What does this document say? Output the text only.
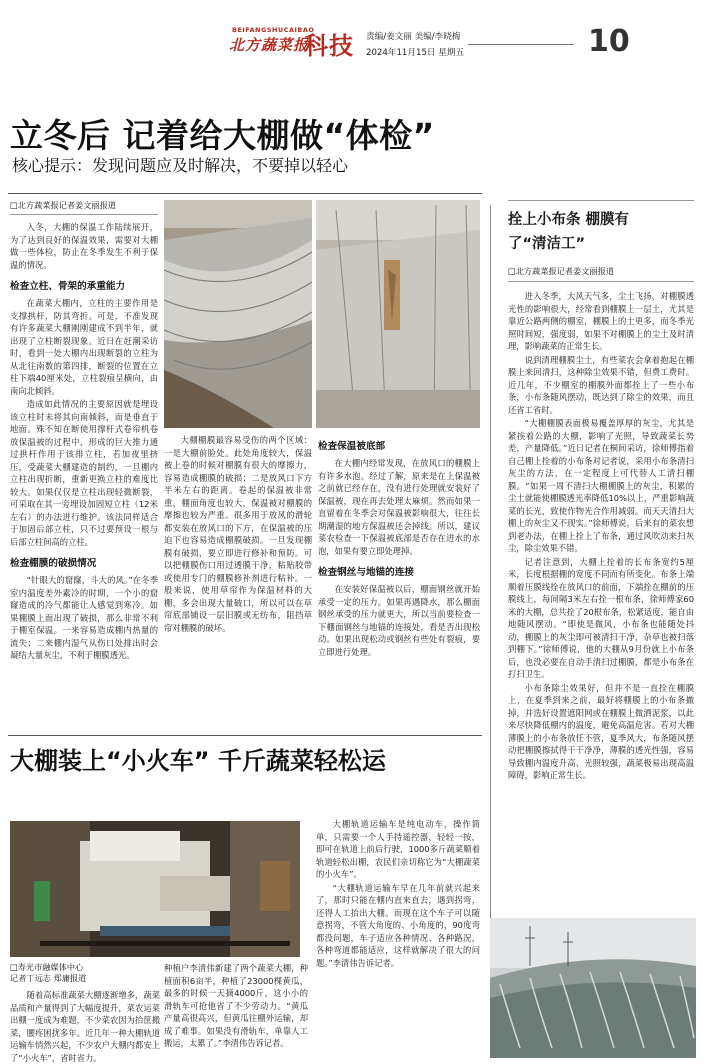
BEIFANGSHUCAIBAO
北方蔬菜报
科技 责编/姜文丽 美编/李晓梅
2024年11月15日 星期五	10
立冬后 记着给大棚做“体检”
核心提示：发现问题应及时解决，不要掉以轻心
□北方蔬菜报记者姜文丽报道

入冬，大棚的保温工作陆续展开，为了达到良好的保温效果，需要对大棚做一些体检，防止在冬季发生不利于保温的情况。

检查立柱、骨架的承重能力

在蔬菜大棚内，立柱的主要作用是支撑拱杆，防其弯折。可是，不准发现有许多蔬菜大棚刚刚建成不到半年，就出现了立柱断裂现象。近日在赶潮采访时，看到一处大棚内出现断裂的立柱为从北往南数的第四排，断裂的位置在立柱下端40厘米处，立柱裂痕呈横向，由南向北倾斜。

造成如此情况的主要原因就是埋设该立柱时未将其向南倾斜，而是垂直于地面。殊不知在断使用撑杆式卷帘机卷放保温被的过程中，形成的巨大推力通过拱杆作用于该排立柱，若加夜里挤压，受蔬菜大棚建造的制约，一旦棚内立柱出现折断，重新更换立柱的难度比较大。如果仅仅是立柱出现轻微断裂，可采取在其一旁埋设加固短立柱（12米左右）的办法进行维护。该法同样适合于加固后部立柱，只不过要预设一根与后部立柱间高的立柱。

检查棚膜的破损情况

“针眼大的窟窿，斗大的风。”在冬季室内温度差外素冷的时期，一个小的窟窿造成的冷气都能让人感觉到寒冷。如果棚膜上面出现了破损，那么非常不利于棚室保温。一来容易造成棚内热量的流失；二来棚内湿气从伤口处排出时会凝结大量灰尘，不利于棚膜透光。

大棚棚膜最容易受伤的两个区域：一是大棚前脸处。此处角度较大，保温被上卷的时候对棚膜有很大的摩擦力，容易造成棚膜的破损；二是放风口下方半米左右的距离。卷起的保温被非常重，棚面角度也较大，保温被对棚膜的摩擦也较为严重。很多用于放风的滑轮都安装在放风口的下方，在保温被的压迫下也容易造成棚膜破损。一旦发现棚膜有破损，要立即进行修补和预防。可以把棚膜伤口用过透膜干净，粘贴胶带或使用专门的棚膜修补剂进行粘补。一般来说，使用草帘作为保温材料的大棚，多会出现大量破口，所以可以在草帘底部铺设一层旧膜或无纺布，阻挡草帘对棚膜的破坏。

检查保温被底部

在大棚内经常发现，在放风口的棚膜上有许多水泡。经过了解，原来是在上保温被之前就已经存在，没有进行处理就安装好了保温被，现在再去处理太麻烦。然而如果一直留着在冬季会对保温被影响很大，往往长期潮湿的地方保温被还会掉线。所以，建议菜农检查一下保温被底部是否存在进水的水泡，如果有要立即处理掉。

检查钢丝与地锚的连接

在安装好保温被以后，棚面钢丝就开始承受一定的压力。如果再遇降水，那么棚面钢丝承受的压力就更大，所以当前要检查一下棚面钢丝与地锚的连接处，看是否出现松动。如果出现松动或钢丝有些处有裂痕，要立即进行处理。

拴上小布条 棚膜有了“清洁工”
□北方蔬菜报记者姜文丽报道

进入冬季，大风天气多，尘土飞扬，对棚膜透光性的影响很大，经常看到棚膜上一层土，尤其是靠近公路两侧的棚室，棚膜上的土更多，而冬季光照时间短，强度弱，如果不对棚膜上的尘土及时清理，影响蔬菜的正常生长。

说到清理棚膜尘土，有些菜农会拿着抱起在棚膜上来回清扫，这种除尘效果不错，但费工费时。近几年，不少棚室的棚膜外面都拴上了一些小布条，小布条随风摆动，既达到了除尘的效果，而且还省工省时。

“大棚棚膜表面极易覆盖厚厚的灰尘，尤其是紧挨着公路的大棚，影响了光照，导致蔬菜长势差，产量降低。”近日记者在桐间采访，徐师傅指着自己棚上拴着的小布条对记者说，采用小布条清扫灰尘的方法，在一定程度上可代替人工清扫棚膜。“如果一周不清扫大棚棚膜上的灰尘，积累的尘土就能使棚膜透光率降低10%以上，严重影响蔬菜的长光，致使作物光合作用减弱。而天天清扫大棚上的灰尘又不现实。”徐师傅说，后来有的菜农想到老办法，在棚上拴上了布条，通过风吹动来扫灰尘，除尘效果不错。

记者注意到，大棚上拴着的长布条宽约5厘米，长度根据棚的宽度不同而有所变化。布条上端顺着压膜线拴在放风口的前面，下端拴在棚前的压膜线上，每间隔3米左右拴一根布条，徐师傅家60米的大棚，总共拴了20根布条，松紧适度，能自由地随风摆动。“即使是微风，小布条也能随处抖动，棚膜上的灰尘即可被清扫干净，杂草也被扫落到棚下。”徐师傅说，他的大棚从9月份就上小布条后，也没必要在自动手清扫过棚膜，都是小布条在打扫卫生。

小布条除尘效果好，但并不是一直拴在棚膜上，在夏季到来之前，最好将棚膜上的小布条撤掉，并选好设置遮阳网或在棚膜上微洒泥浆，以此来尽快降低棚内的温度，避免高温危害。若对大棚薄膜上的小布条放任不管，夏季风大，布条随风摆动把棚膜擦拭得干干净净，薄膜的透光性强，容易导致棚内温度升高、光照较强，蔬菜极易出现高温障碍，影响正常生长。

大棚装上“小火车” 千斤蔬菜轻松运
□寿光市融媒体中心
记者丁远志 郑庸报道

随着高标准蔬菜大棚逐渐增多，蔬菜品质和产量得到了大幅度提升，菜农运菜出棚一度成为难题，不少菜农因为抬筐搬菜，腰疼困扰多年。近几年一种大棚轨道运输车悄然兴起，不少农户大棚内都安上了“小火车”，省时省力。

种植户李清伟新建了两个蔬菜大棚，种植面积6亩半，种植了23000棵黄瓜，最多的时候一天摘4000斤，这小小的滑轨车可抢他省了不少劳动力。“黄瓜产量高很高兴，但黄瓜往棚外运输，却成了难事。如果没有滑轨车，单靠人工搬运，太累了。”李清伟告诉记者。

大棚轨道运输车是纯电动车，操作简单，只需要一个人手持遥控器，轻轻一按，即可在轨道上前后行驶，1000多斤蔬菜顺着轨道轻松出棚，农民们亲切称它为“大棚蔬菜的小火车”。

“大棚轨道运输车早在几年前就兴起来了，那时只能在棚内直来直去，遇到拐弯，还得人工抬出大棚。而现在这个车子可以随意拐弯，不管大角度的、小角度的，90度弯都没问题，车子适应各种情况、各种路况，各种弯道都能适应，这样就解决了很大的问题。”李清伟告诉记者。
